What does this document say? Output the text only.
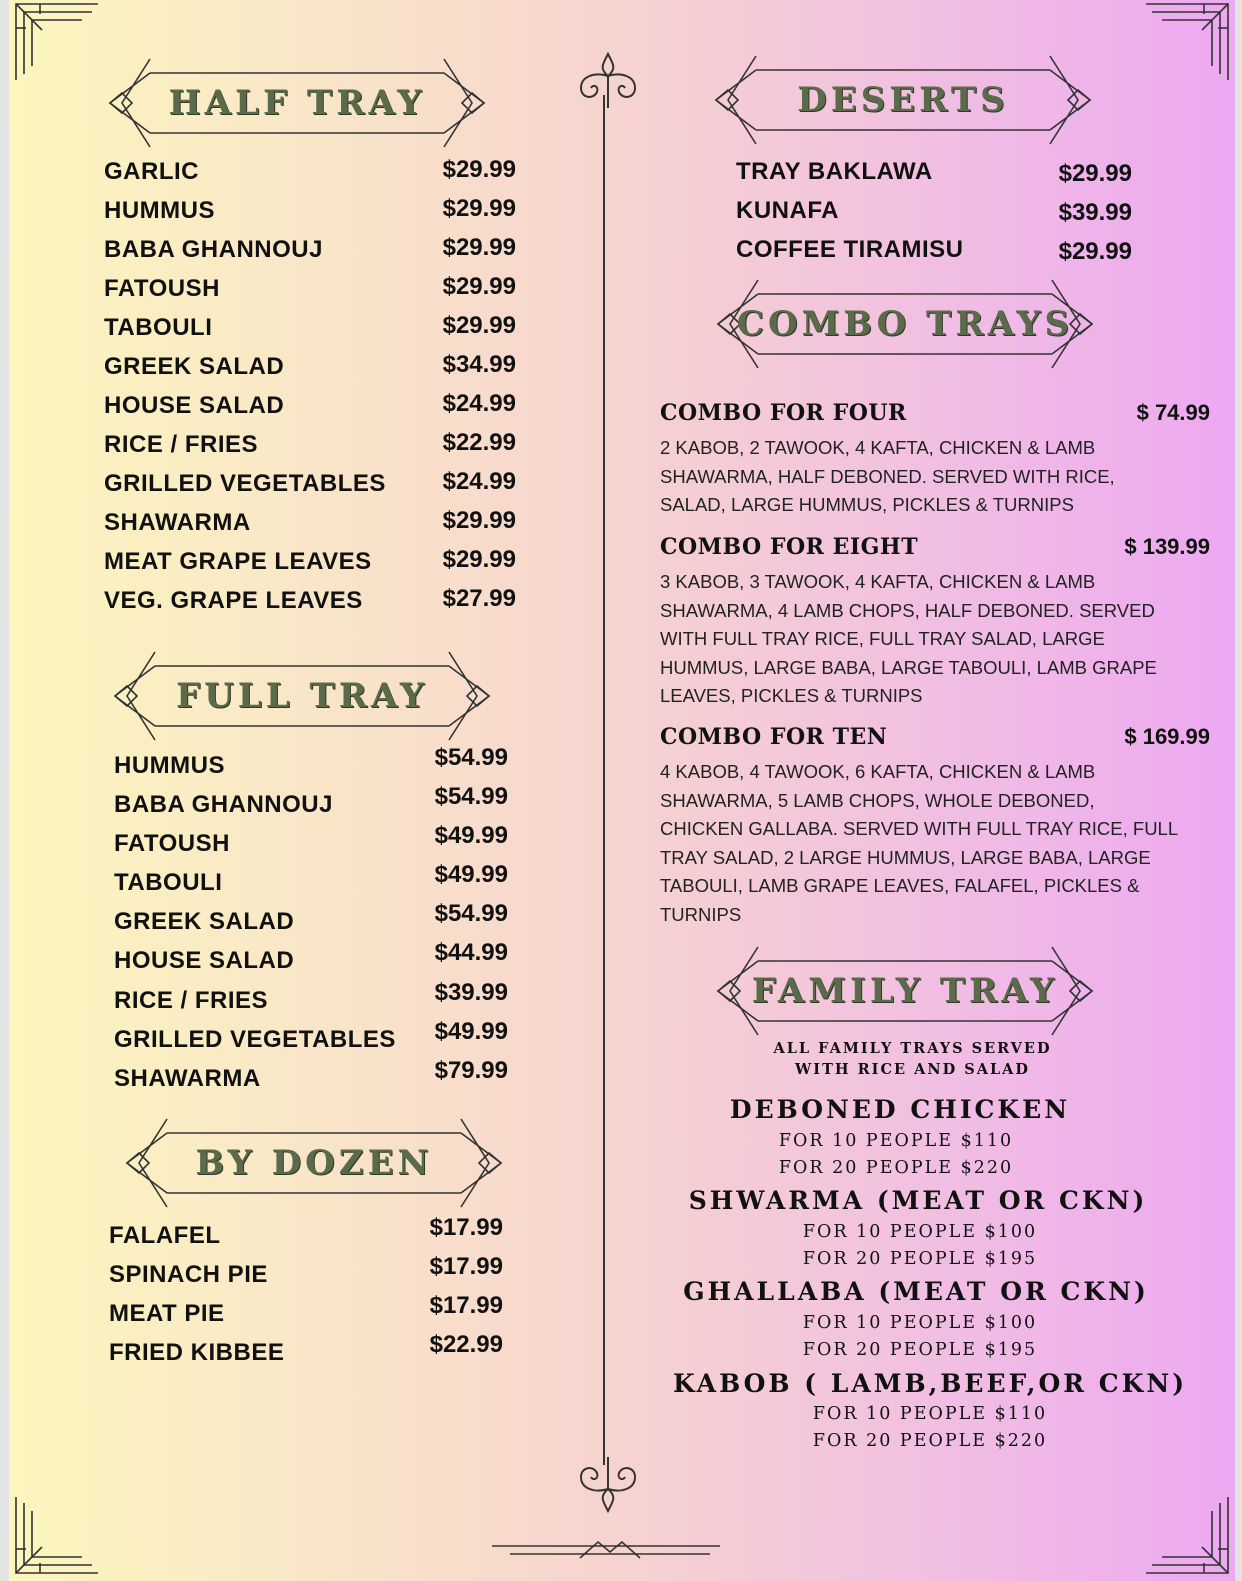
HALF TRAY
GARLIC	$29.99
HUMMUS	$29.99
BABA GHANNOUJ	$29.99
FATOUSH	$29.99
TABOULI	$29.99
GREEK SALAD	$34.99
HOUSE SALAD	$24.99
RICE / FRIES	$22.99
GRILLED VEGETABLES $24.99
SHAWARMA	$29.99
MEAT GRAPE LEAVES	$29.99
VEG. GRAPE LEAVES	$27.99
FULL TRAY
HUMMUS	$54.99
BABA GHANNOUJ	$54.99
FATOUSH	$49.99
TABOULI	$49.99
GREEK SALAD	$54.99
HOUSE SALAD	$44.99
RICE / FRIES	$39.99
GRILLED VEGETABLES $49.99
SHAWARMA	$79.99
BY DOZEN
FALAFEL	$17.99
SPINACH PIE	$17.99
MEAT PIE	$17.99
FRIED KIBBEE	$22.99
DESERTS
TRAY BAKLAWA	$29.99
KUNAFA	$39.99
COFFEE TIRAMISU	$29.99
COMBO TRAYS
COMBO FOR FOUR	$ 74.99
2 KABOB, 2 TAWOOK, 4 KAFTA, CHICKEN & LAMB
SHAWARMA, HALF DEBONED. SERVED WITH RICE,
SALAD, LARGE HUMMUS, PICKLES & TURNIPS
COMBO FOR EIGHT	$ 139.99
3 KABOB, 3 TAWOOK, 4 KAFTA, CHICKEN & LAMB
SHAWARMA, 4 LAMB CHOPS, HALF DEBONED. SERVED
WITH FULL TRAY RICE, FULL TRAY SALAD, LARGE
HUMMUS, LARGE BABA, LARGE TABOULI, LAMB GRAPE
LEAVES, PICKLES & TURNIPS
COMBO FOR TEN	$ 169.99
4 KABOB, 4 TAWOOK, 6 KAFTA, CHICKEN & LAMB
SHAWARMA, 5 LAMB CHOPS, WHOLE DEBONED,
CHICKEN GALLABA. SERVED WITH FULL TRAY RICE, FULL
TRAY SALAD, 2 LARGE HUMMUS, LARGE BABA, LARGE
TABOULI, LAMB GRAPE LEAVES, FALAFEL, PICKLES &
TURNIPS
FAMILY TRAY
ALL FAMILY TRAYS SERVED
WITH RICE AND SALAD
DEBONED CHICKEN
FOR 10 PEOPLE $110
FOR 20 PEOPLE $220
SHWARMA (MEAT OR CKN)
FOR 10 PEOPLE $100
FOR 20 PEOPLE $195
GHALLABA (MEAT OR CKN)
FOR 10 PEOPLE $100
FOR 20 PEOPLE $195
KABOB ( LAMB,BEEF,OR CKN)
FOR 10 PEOPLE $110
FOR 20 PEOPLE $220
